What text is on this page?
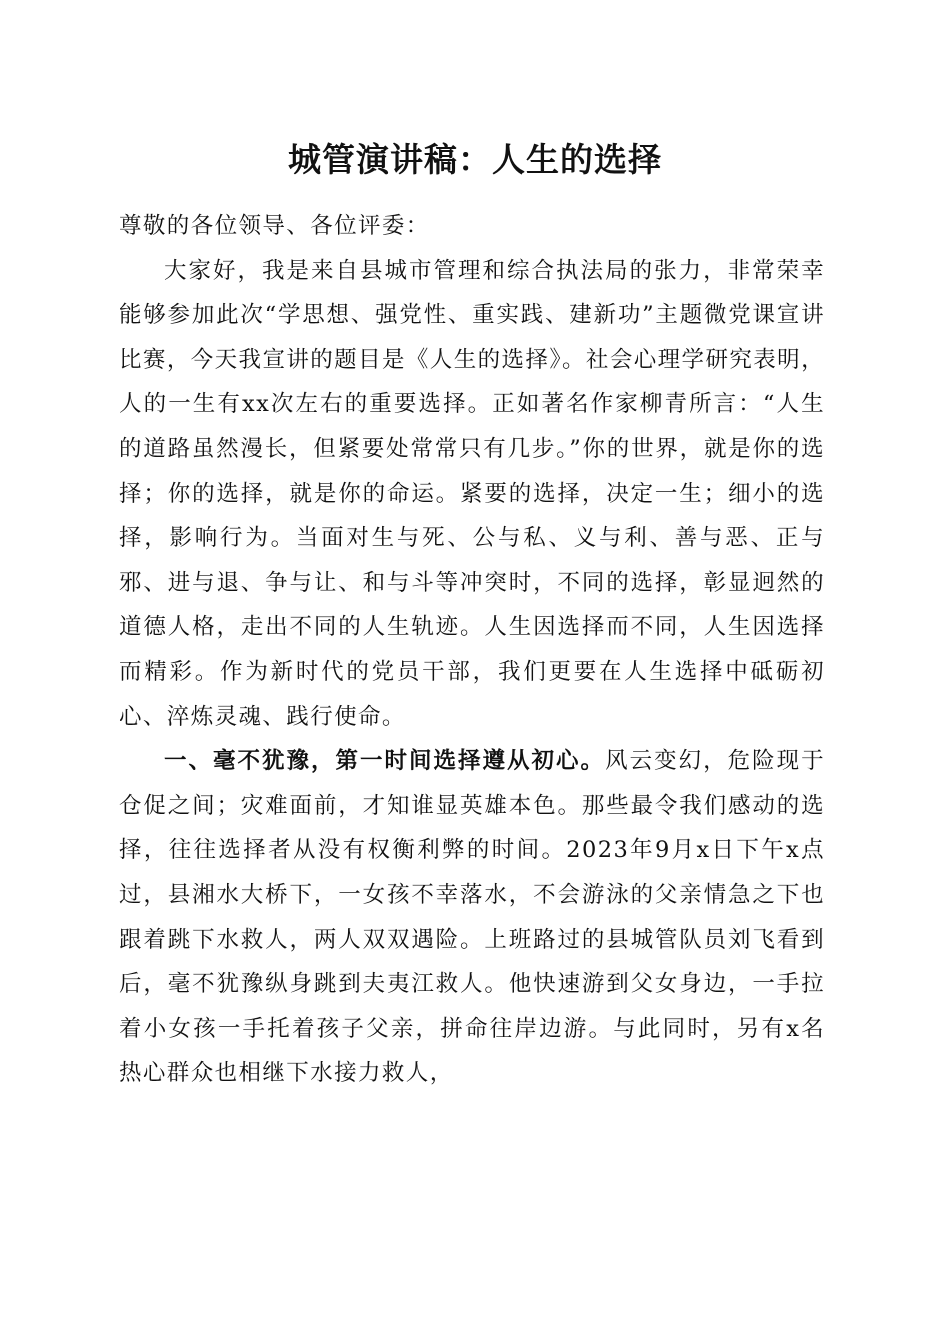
城管演讲稿：人生的选择

尊敬的各位领导、各位评委：

大家好，我是来自县城市管理和综合执法局的张力，非常荣幸能够参加此次“学思想、强党性、重实践、建新功”主题微党课宣讲比赛，今天我宣讲的题目是《人生的选择》。社会心理学研究表明，人的一生有xx次左右的重要选择。正如著名作家柳青所言：“人生的道路虽然漫长，但紧要处常常只有几步。”你的世界，就是你的选择；你的选择，就是你的命运。紧要的选择，决定一生；细小的选择，影响行为。当面对生与死、公与私、义与利、善与恶、正与邪、进与退、争与让、和与斗等冲突时，不同的选择，彰显迥然的道德人格，走出不同的人生轨迹。人生因选择而不同，人生因选择而精彩。作为新时代的党员干部，我们更要在人生选择中砥砺初心、淬炼灵魂、践行使命。

一、毫不犹豫，第一时间选择遵从初心。风云变幻，危险现于仓促之间；灾难面前，才知谁显英雄本色。那些最令我们感动的选择，往往选择者从没有权衡利弊的时间。2023年9月x日下午x点过，县湘水大桥下，一女孩不幸落水，不会游泳的父亲情急之下也跟着跳下水救人，两人双双遇险。上班路过的县城管队员刘飞看到后，毫不犹豫纵身跳到夫夷江救人。他快速游到父女身边，一手拉着小女孩一手托着孩子父亲，拼命往岸边游。与此同时，另有x名热心群众也相继下水接力救人，
